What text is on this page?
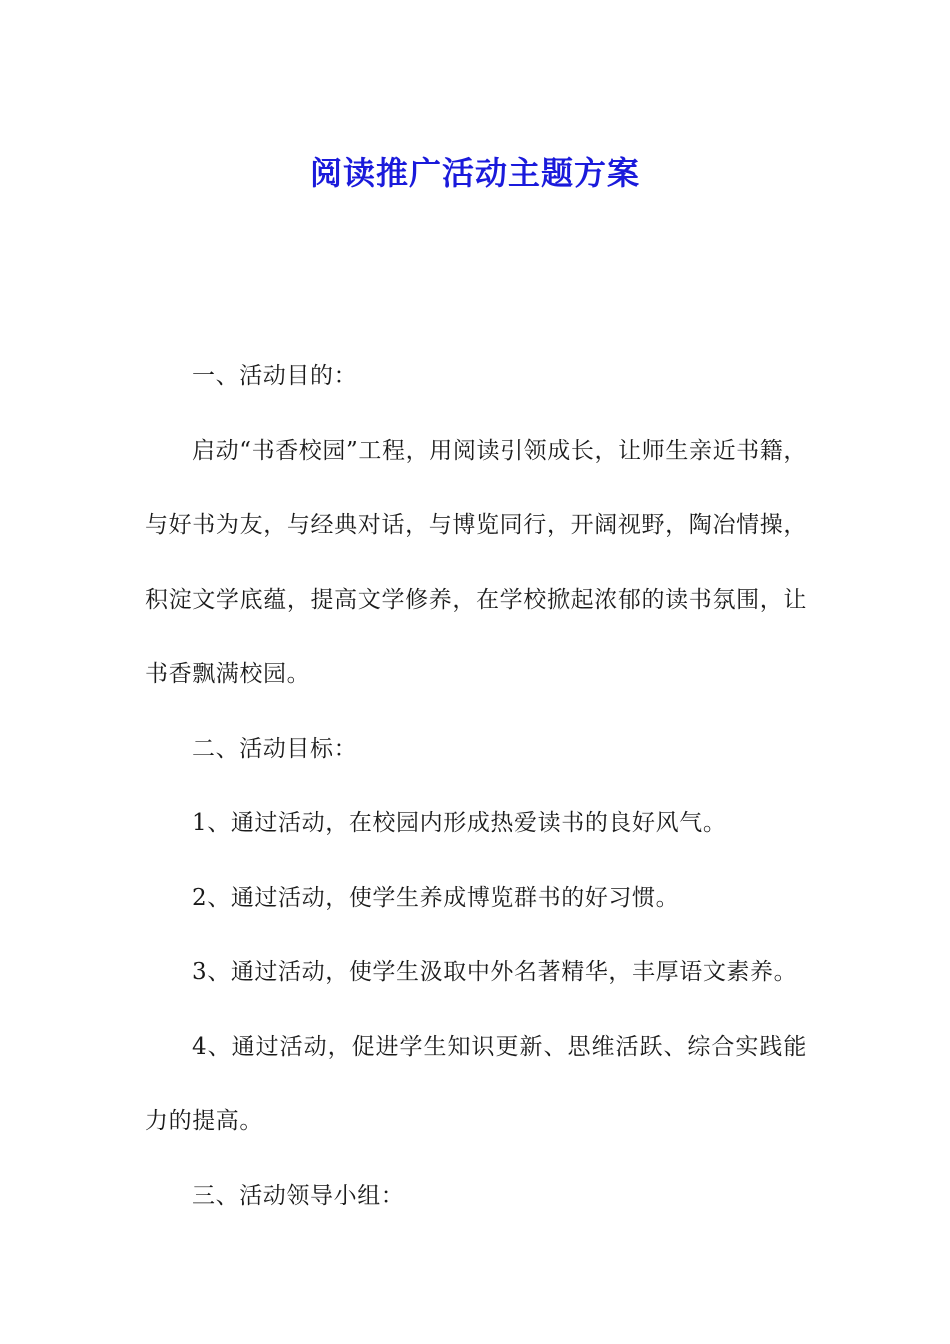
阅读推广活动主题方案

一、活动目的：

启动“书香校园”工程，用阅读引领成长，让师生亲近书籍，与好书为友，与经典对话，与博览同行，开阔视野，陶冶情操，积淀文学底蕴，提高文学修养，在学校掀起浓郁的读书氛围，让书香飘满校园。

二、活动目标：

1、通过活动，在校园内形成热爱读书的良好风气。

2、通过活动，使学生养成博览群书的好习惯。

3、通过活动，使学生汲取中外名著精华，丰厚语文素养。

4、通过活动，促进学生知识更新、思维活跃、综合实践能力的提高。

三、活动领导小组：
